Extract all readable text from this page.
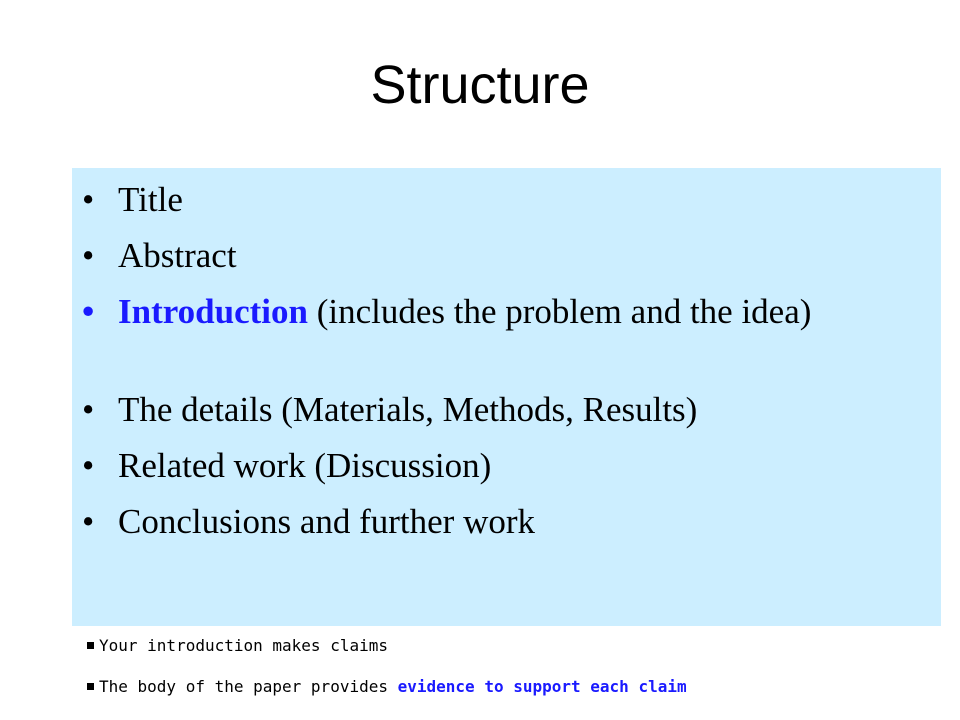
Structure
• Title
• Abstract
• Introduction (includes the problem and the idea)
• The details (Materials, Methods, Results)
• Related work (Discussion)
• Conclusions and further work
Your introduction makes claims
The body of the paper provides evidence to support each claim
